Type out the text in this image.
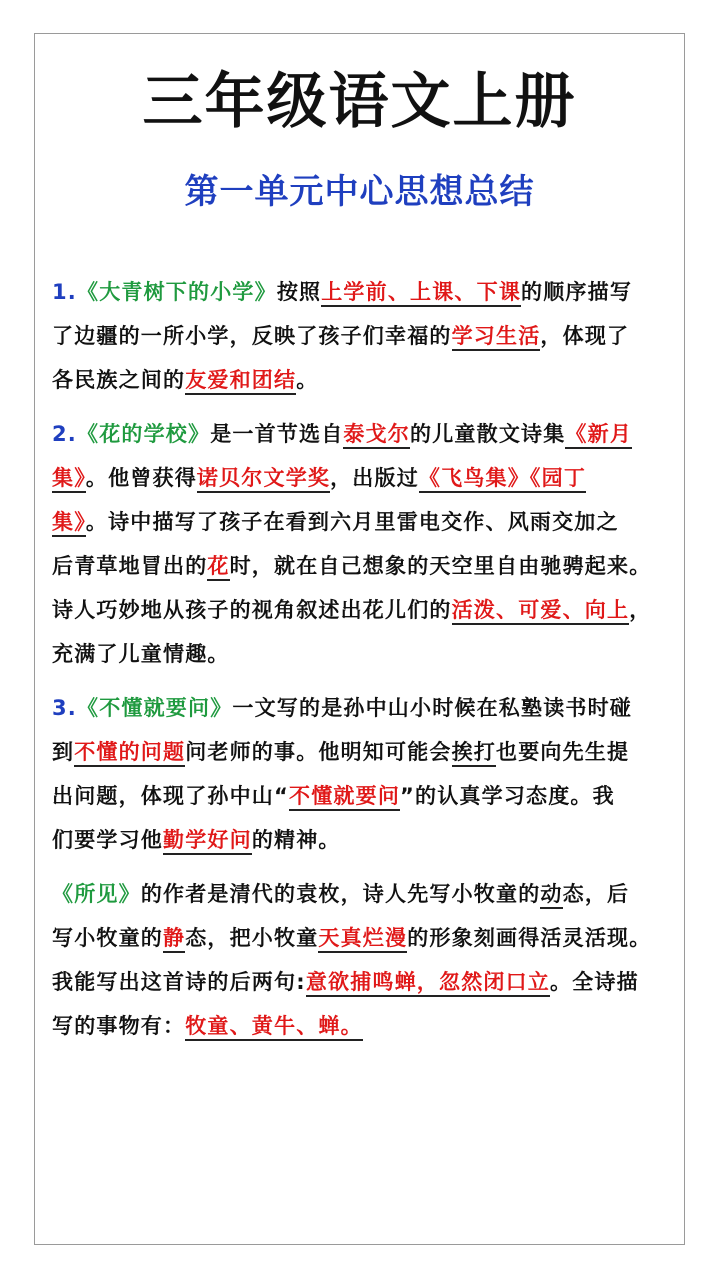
三年级语文上册
第一单元中心思想总结
1.《大青树下的小学》按照上学前、上课、下课的顺序描写
了边疆的一所小学，反映了孩子们幸福的学习生活，体现了
各民族之间的友爱和团结。
2.《花的学校》是一首节选自泰戈尔的儿童散文诗集《新月
集》。他曾获得诺贝尔文学奖，出版过《飞鸟集》《园丁
集》。诗中描写了孩子在看到六月里雷电交作、风雨交加之
后青草地冒出的花时，就在自己想象的天空里自由驰骋起来。
诗人巧妙地从孩子的视角叙述出花儿们的活泼、可爱、向上，
充满了儿童情趣。
3.《不懂就要问》一文写的是孙中山小时候在私塾读书时碰
到不懂的问题问老师的事。他明知可能会挨打也要向先生提
出问题，体现了孙中山“不懂就要问”的认真学习态度。我
们要学习他勤学好问的精神。
《所见》的作者是清代的袁枚，诗人先写小牧童的动态，后
写小牧童的静态，把小牧童天真烂漫的形象刻画得活灵活现。
我能写出这首诗的后两句:意欲捕鸣蝉，忽然闭口立。全诗描
写的事物有：牧童、黄牛、蝉。
